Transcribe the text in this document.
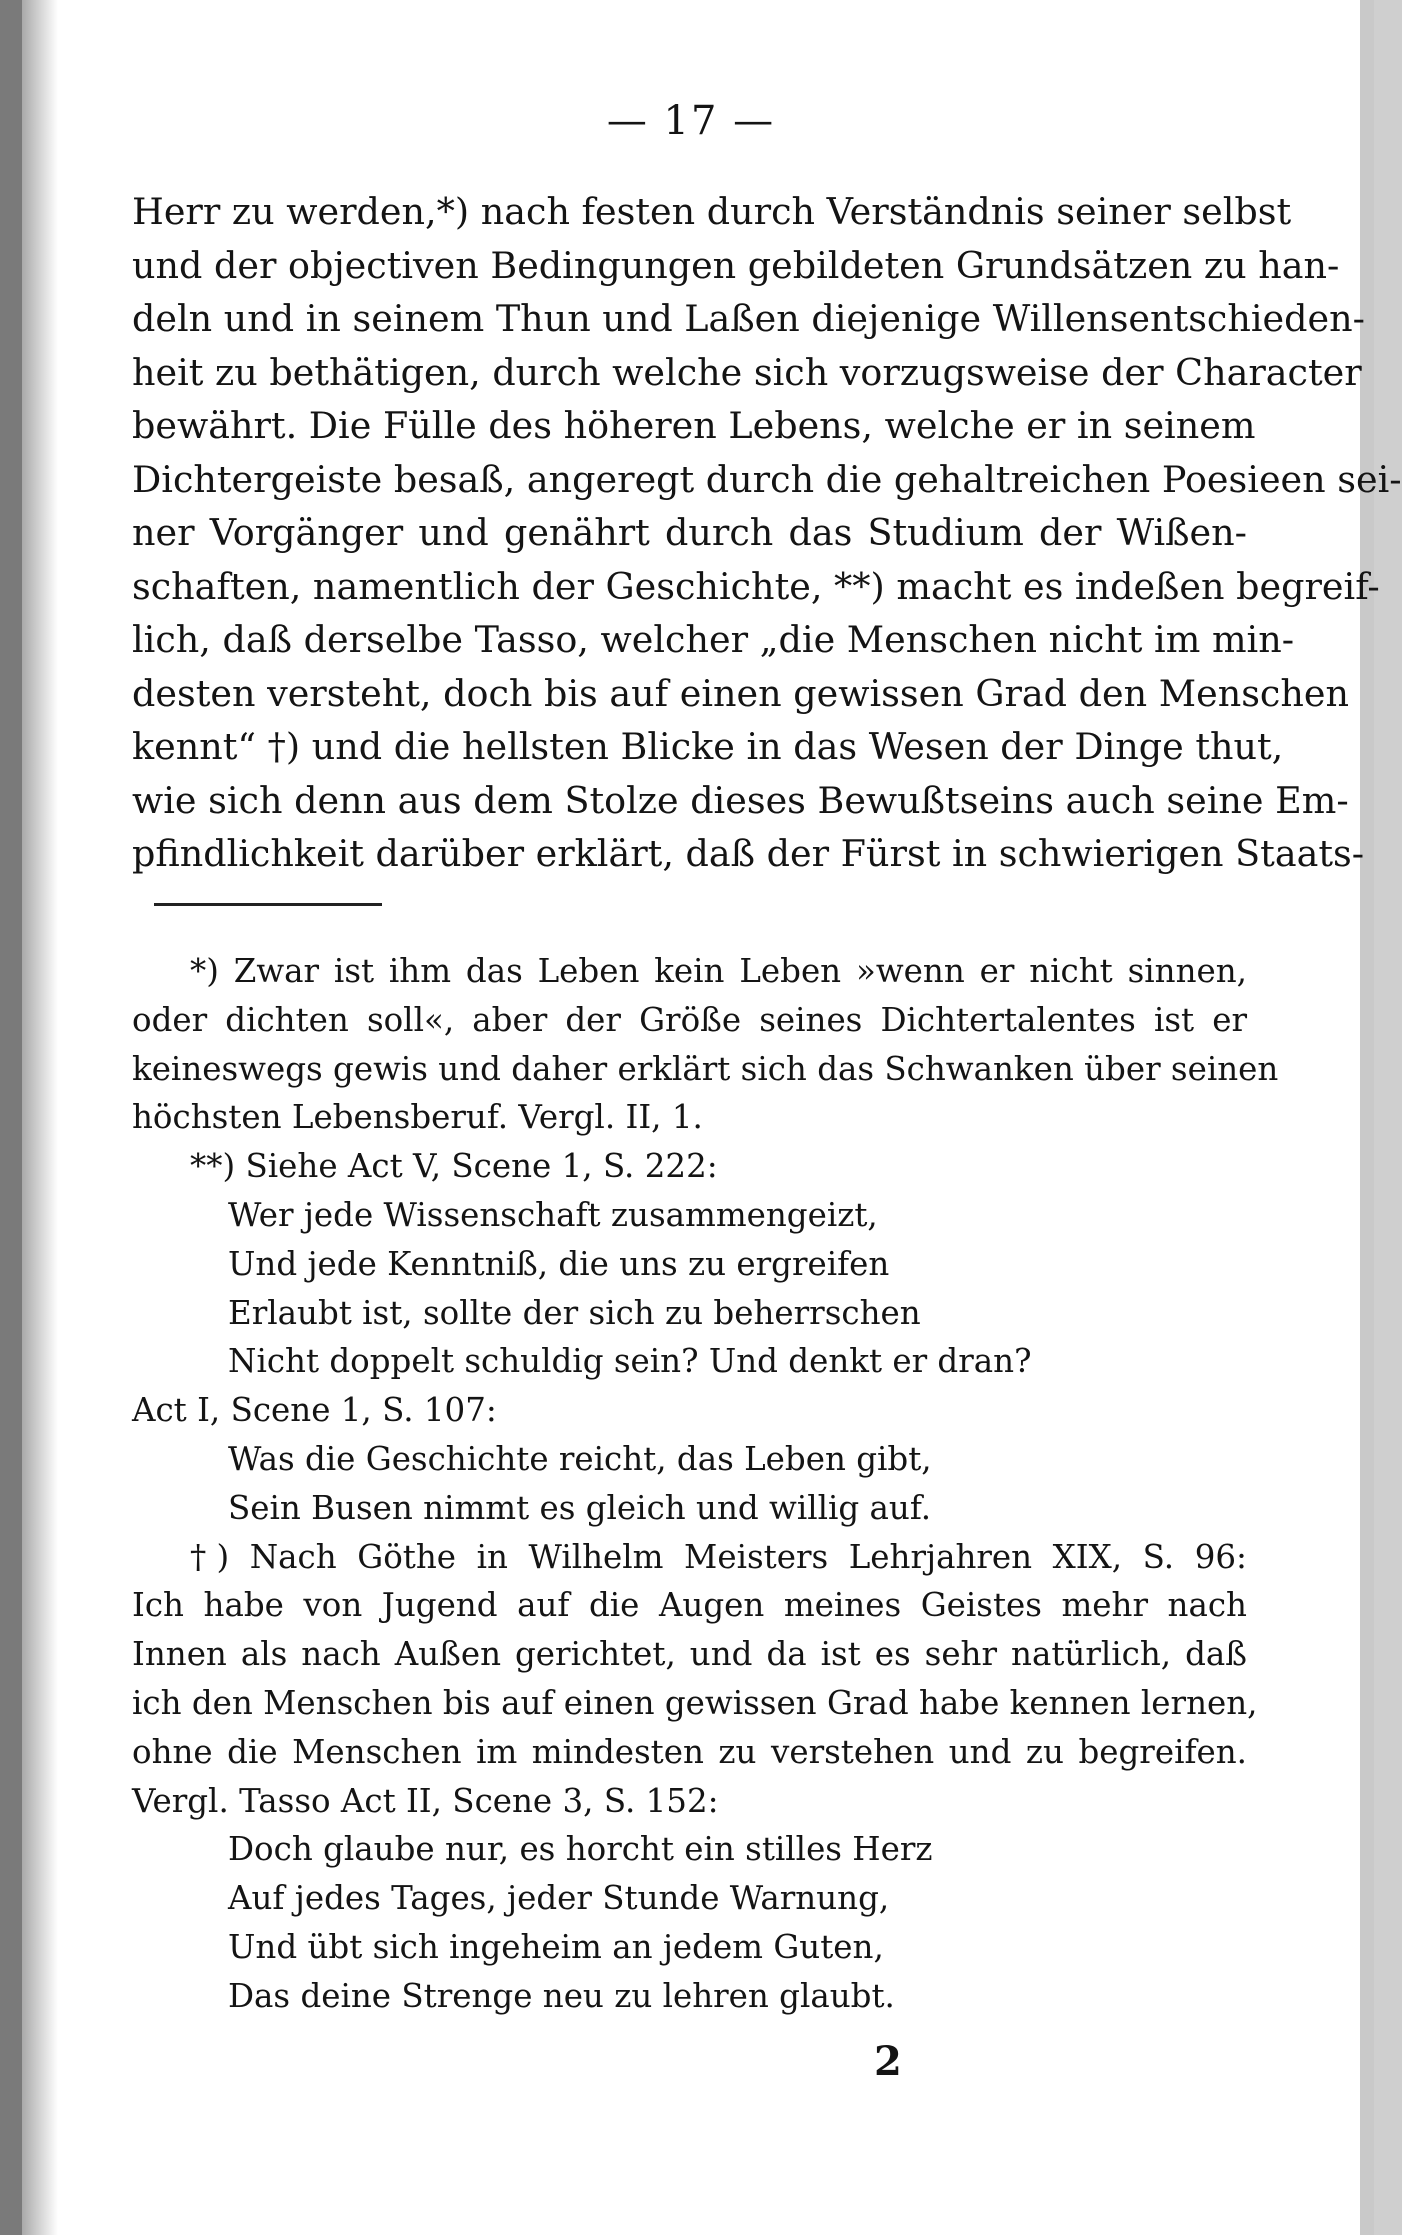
— 17 —
Herr zu werden,*) nach festen durch Verständnis seiner selbst
und der objectiven Bedingungen gebildeten Grundsätzen zu han-
deln und in seinem Thun und Laßen diejenige Willensentschieden-
heit zu bethätigen, durch welche sich vorzugsweise der Character
bewährt. Die Fülle des höheren Lebens, welche er in seinem
Dichtergeiste besaß, angeregt durch die gehaltreichen Poesieen sei-
ner Vorgänger und genährt durch das Studium der Wißen-
schaften, namentlich der Geschichte, **) macht es indeßen begreif-
lich, daß derselbe Tasso, welcher „die Menschen nicht im min-
desten versteht, doch bis auf einen gewissen Grad den Menschen
kennt“ †) und die hellsten Blicke in das Wesen der Dinge thut,
wie sich denn aus dem Stolze dieses Bewußtseins auch seine Em-
pfindlichkeit darüber erklärt, daß der Fürst in schwierigen Staats-
*) Zwar ist ihm das Leben kein Leben »wenn er nicht sinnen,
oder dichten soll«, aber der Größe seines Dichtertalentes ist er
keineswegs gewis und daher erklärt sich das Schwanken über seinen
höchsten Lebensberuf. Vergl. II, 1.
**) Siehe Act V, Scene 1, S. 222:
Wer jede Wissenschaft zusammengeizt,
Und jede Kenntniß, die uns zu ergreifen
Erlaubt ist, sollte der sich zu beherrschen
Nicht doppelt schuldig sein? Und denkt er dran?
Act I, Scene 1, S. 107:
Was die Geschichte reicht, das Leben gibt,
Sein Busen nimmt es gleich und willig auf.
†) Nach Göthe in Wilhelm Meisters Lehrjahren XIX, S. 96:
Ich habe von Jugend auf die Augen meines Geistes mehr nach
Innen als nach Außen gerichtet, und da ist es sehr natürlich, daß
ich den Menschen bis auf einen gewissen Grad habe kennen lernen,
ohne die Menschen im mindesten zu verstehen und zu begreifen.
Vergl. Tasso Act II, Scene 3, S. 152:
Doch glaube nur, es horcht ein stilles Herz
Auf jedes Tages, jeder Stunde Warnung,
Und übt sich ingeheim an jedem Guten,
Das deine Strenge neu zu lehren glaubt.
2
